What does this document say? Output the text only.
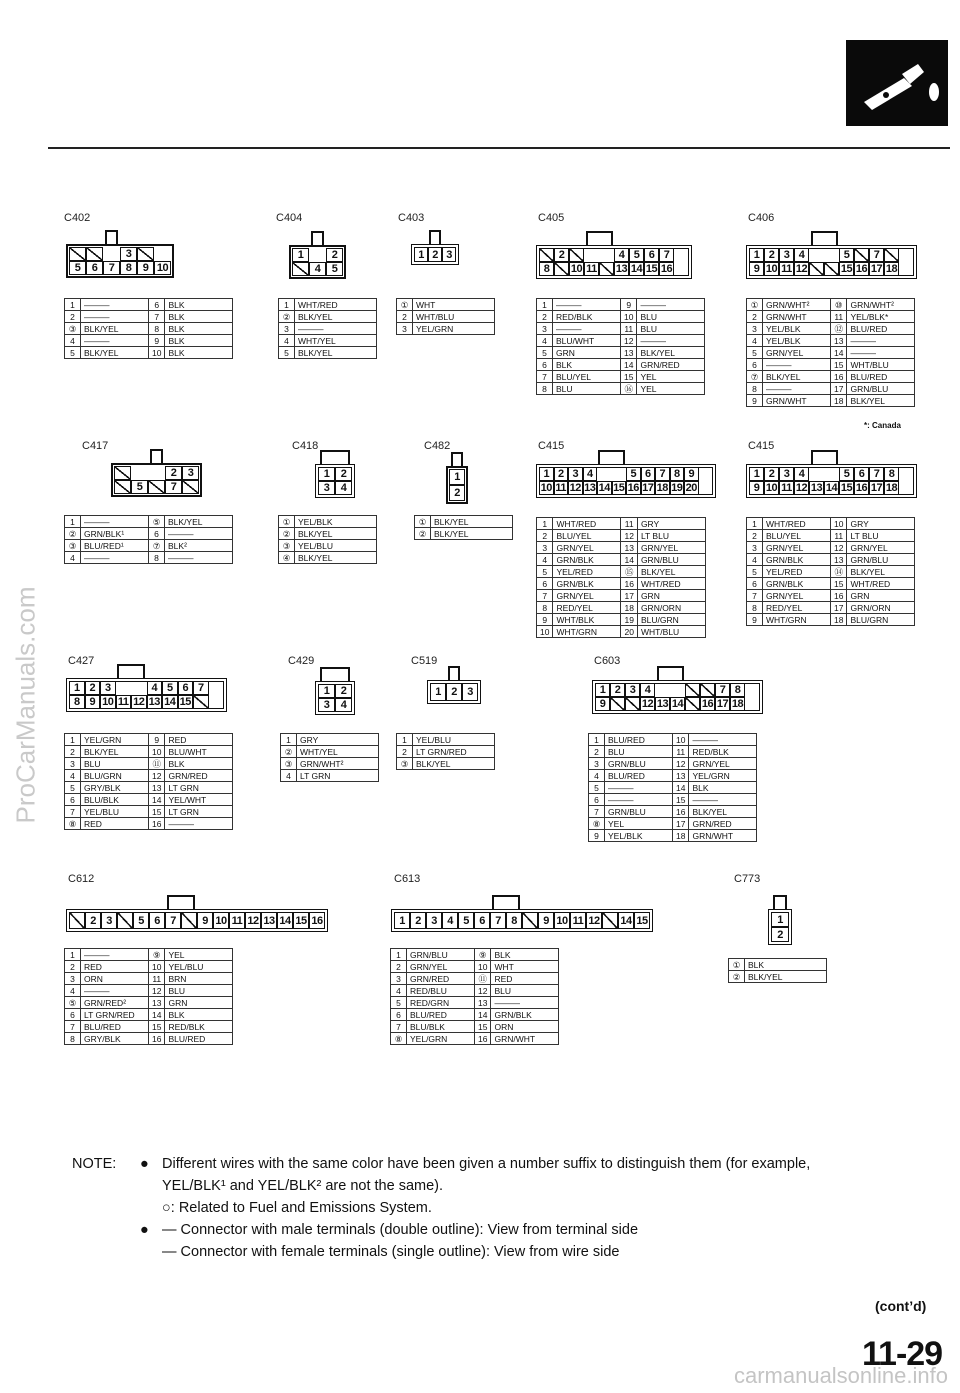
ProCarManuals.com
C402
3
5	6	7	8	9 10
1	———	6	BLK
2	———	7	BLK
③	BLK/YEL	8	BLK
4	———	9	BLK
5	BLK/YEL	10	BLK
C404
1	2
4	5
1	WHT/RED
②	BLK/YEL
3	———
4	WHT/YEL
5	BLK/YEL
C403
1 2 3
①	WHT
2	WHT/BLU
3	YEL/GRN
C405
2	4 5 6 7
8	10 11 13 14 15 16
1	———	9	———
2	RED/BLK	10	BLU
3	———	11	BLU
4	BLU/WHT	12	———
5	GRN	13	BLK/YEL
6	BLK	14	GRN/RED
7	BLU/YEL	15	YEL
8	BLU	⑯	YEL
C406
1 2 3 4	5	7
9 10 11 12	15 16 17 18
①	GRN/WHT²	⑩	GRN/WHT²
2	GRN/WHT	11	YEL/BLK*
3	YEL/BLK	⑫	BLU/RED
4	YEL/BLK	13	———
5	GRN/YEL	14	———
6	———	15	WHT/BLU
⑦	BLK/YEL	16	BLU/RED
8	———	17	GRN/BLU
9	GRN/WHT	18	BLK/YEL
*: Canada
C417
2	3
5	7
1	———	⑤	BLK/YEL
②	GRN/BLK¹	6	———
③	BLU/RED¹	⑦	BLK²
4	———	8	———
C418
1	2
3	4
①	YEL/BLK
②	BLK/YEL
③	YEL/BLU
④	BLK/YEL
C482
1
2
①	BLK/YEL
②	BLK/YEL
C415
1 2 3 4	5 6 7 8 9
10 11 12 13 14 15 16 17 18 19 20
1	WHT/RED	11	GRY
2	BLU/YEL	12	LT BLU
3	GRN/YEL	13	GRN/YEL
4	GRN/BLK	14	GRN/BLU
5	YEL/RED	⑮	BLK/YEL
6	GRN/BLK	16	WHT/RED
7	GRN/YEL	17	GRN
8	RED/YEL	18	GRN/ORN
9	WHT/BLK	19	BLU/GRN
10	WHT/GRN	20	WHT/BLU
C415
1 2 3 4	5 6 7 8
9 10 11 12 13 14 15 16 17 18
1	WHT/RED	10	GRY
2	BLU/YEL	11	LT BLU
3	GRN/YEL	12	GRN/YEL
4	GRN/BLK	13	GRN/BLU
5	YEL/RED	⑭	BLK/YEL
6	GRN/BLK	15	WHT/RED
7	GRN/YEL	16	GRN
8	RED/YEL	17	GRN/ORN
9	WHT/GRN	18	BLU/GRN
C427
1 2 3	4 5 6 7
8 9 10 11 12 13 14 15
1	YEL/GRN	9	RED
2	BLK/YEL	10	BLU/WHT
3	BLU	⑪	BLK
4	BLU/GRN	12	GRN/RED
5	GRY/BLK	13	LT GRN
6	BLU/BLK	14	YEL/WHT
7	YEL/BLU	15	LT GRN
⑧	RED	16	———
C429
1	2
3	4
1	GRY
②	WHT/YEL
③	GRN/WHT²
4	LT GRN
C519
1 2 3
1	YEL/BLU
2	LT GRN/RED
③	BLK/YEL
C603
1 2 3 4	7 8
9	12 13 14 16 17 18
1	BLU/RED	10	———
2	BLU	11	RED/BLK
3	GRN/BLU	12	GRN/YEL
4	BLU/RED	13	YEL/GRN
5	———	14	BLK
6	———	15	———
7	GRN/BLU	16	BLK/YEL
⑧	YEL	17	GRN/RED
9	YEL/BLK	18	GRN/WHT
C612
2 3	5 6 7	9 10 11 12 13 14 15 16
1	———	⑨	YEL
2	RED	10	YEL/BLU
3	ORN	11	BRN
4	———	12	BLU
⑤	GRN/RED²	13	GRN
6	LT GRN/RED	14	BLK
7	BLU/RED	15	RED/BLK
8	GRY/BLK	16	BLU/RED
C613
1 2 3 4 5 6 7 8	9 10 11 12 14 15
1	GRN/BLU	⑨	BLK
2	GRN/YEL	10	WHT
3	GRN/RED	⑪	RED
4	RED/BLU	12	BLU
5	RED/GRN	13	———
6	BLU/RED	14	GRN/BLK
7	BLU/BLK	15	ORN
⑧	YEL/GRN	16	GRN/WHT
C773
1
2
①	BLK
②	BLK/YEL
NOTE: ● Different wires with the same color have been given a number suffix to distinguish them (for example,
YEL/BLK¹ and YEL/BLK² are not the same).
○: Related to Fuel and Emissions System.
● — Connector with male terminals (double outline): View from terminal side
— Connector with female terminals (single outline): View from wire side
(cont’d)
11-29
carmanualsonline.info
